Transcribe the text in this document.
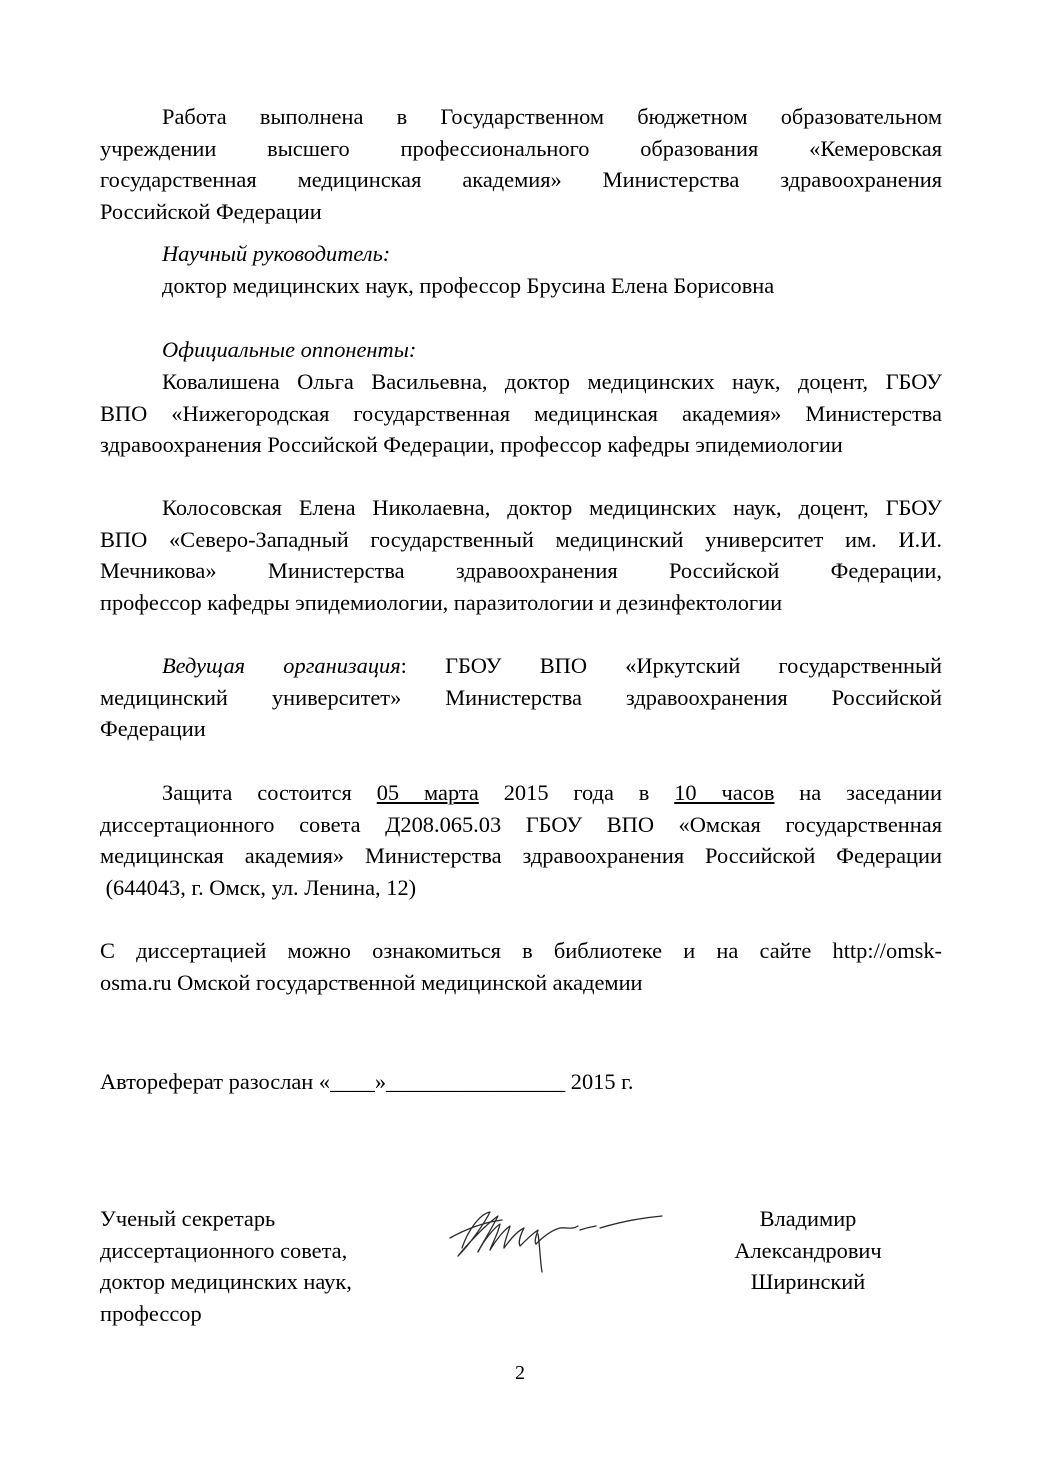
Работа выполнена в Государственном бюджетном образовательном
учреждении высшего профессионального образования «Кемеровская
государственная медицинская академия» Министерства здравоохранения
Российской Федерации
Научный руководитель:
доктор медицинских наук, профессор Брусина Елена Борисовна
Официальные оппоненты:
Ковалишена Ольга Васильевна, доктор медицинских наук, доцент, ГБОУ
ВПО «Нижегородская государственная медицинская академия» Министерства
здравоохранения Российской Федерации, профессор кафедры эпидемиологии
Колосовская Елена Николаевна, доктор медицинских наук, доцент, ГБОУ
ВПО «Северо-Западный государственный медицинский университет им. И.И.
Мечникова» Министерства здравоохранения Российской Федерации,
профессор кафедры эпидемиологии, паразитологии и дезинфектологии
Ведущая организация: ГБОУ ВПО «Иркутский государственный
медицинский университет» Министерства здравоохранения Российской
Федерации
Защита состоится 05 марта 2015 года в 10 часов на заседании
диссертационного совета Д208.065.03 ГБОУ ВПО «Омская государственная
медицинская академия» Министерства здравоохранения Российской Федерации
(644043, г. Омск, ул. Ленина, 12)
С диссертацией можно ознакомиться в библиотеке и на сайте http://omsk-
osma.ru Омской государственной медицинской академии
Автореферат разослан «____»________________ 2015 г.
Ученый секретарь
диссертационного совета,
доктор медицинских наук,
профессор
Владимир
Александрович
Ширинский
2
